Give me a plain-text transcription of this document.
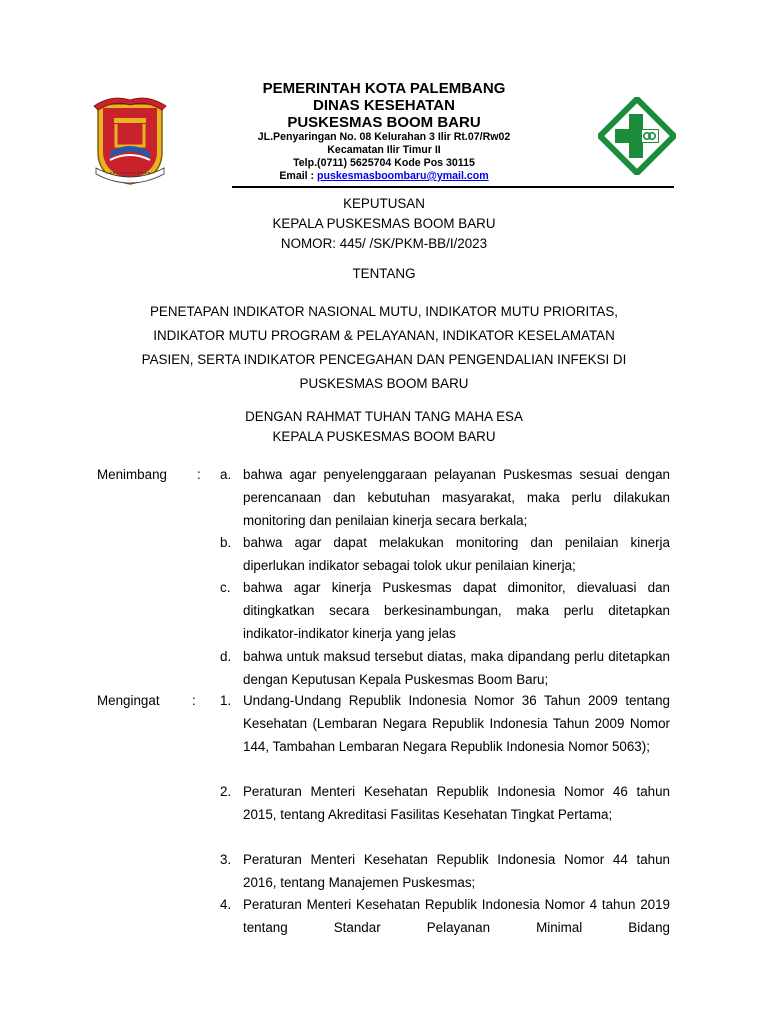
PEMERINTAH KOTA PALEMBANG
DINAS KESEHATAN
PUSKESMAS BOOM BARU
JL.Penyaringan No. 08 Kelurahan 3 Ilir Rt.07/Rw02
Kecamatan Ilir Timur II
Telp.(0711) 5625704 Kode Pos 30115
Email : puskesmasboombaru@ymail.com
KEPUTUSAN
KEPALA PUSKESMAS BOOM BARU
NOMOR: 445/ /SK/PKM-BB/I/2023
TENTANG
PENETAPAN INDIKATOR NASIONAL MUTU, INDIKATOR MUTU PRIORITAS,
INDIKATOR MUTU PROGRAM & PELAYANAN, INDIKATOR KESELAMATAN
PASIEN, SERTA INDIKATOR PENCEGAHAN DAN PENGENDALIAN INFEKSI DI
PUSKESMAS BOOM BARU
DENGAN RAHMAT TUHAN TANG MAHA ESA
KEPALA PUSKESMAS BOOM BARU
Menimbang : a. bahwa agar penyelenggaraan pelayanan Puskesmas sesuai dengan perencanaan dan kebutuhan masyarakat, maka perlu dilakukan monitoring dan penilaian kinerja secara berkala;
b. bahwa agar dapat melakukan monitoring dan penilaian kinerja diperlukan indikator sebagai tolok ukur penilaian kinerja;
c. bahwa agar kinerja Puskesmas dapat dimonitor, dievaluasi dan ditingkatkan secara berkesinambungan, maka perlu ditetapkan indikator-indikator kinerja yang jelas
d. bahwa untuk maksud tersebut diatas, maka dipandang perlu ditetapkan dengan Keputusan Kepala Puskesmas Boom Baru;
Mengingat : 1. Undang-Undang Republik Indonesia Nomor 36 Tahun 2009 tentang Kesehatan (Lembaran Negara Republik Indonesia Tahun 2009 Nomor 144, Tambahan Lembaran Negara Republik Indonesia Nomor 5063);
2. Peraturan Menteri Kesehatan Republik Indonesia Nomor 46 tahun 2015, tentang Akreditasi Fasilitas Kesehatan Tingkat Pertama;
3. Peraturan Menteri Kesehatan Republik Indonesia Nomor 44 tahun 2016, tentang Manajemen Puskesmas;
4. Peraturan Menteri Kesehatan Republik Indonesia Nomor 4 tahun 2019 tentang Standar Pelayanan Minimal Bidang
